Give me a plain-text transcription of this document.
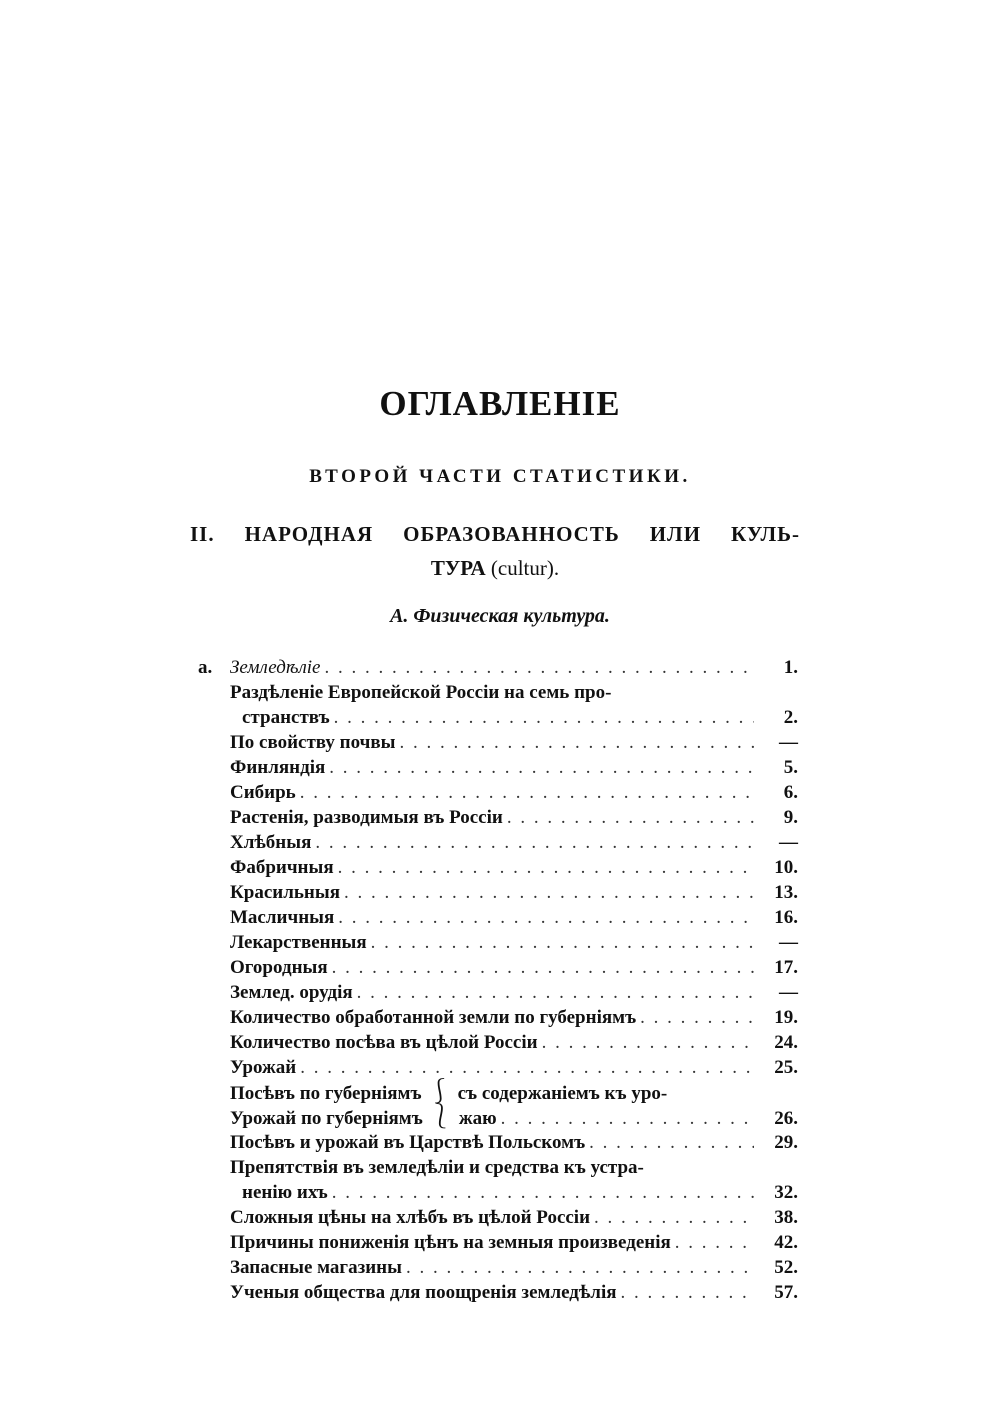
ОГЛАВЛЕНІЕ
ВТОРОЙ ЧАСТИ СТАТИСТИКИ.
II. НАРОДНАЯ ОБРАЗОВАННОСТЬ ИЛИ КУЛЬ-
ТУРА (cultur).
А. Физическая культура.
а. Земледѣліе . . .	1.
Раздѣленіе Европейской Россіи на семь про-
странствъ . . .	2.
По свойству почвы . . .	—
Финляндія . . .	5.
Сибирь . . .	6.
Растенія, разводимыя въ Россіи . . .	9.
Хлѣбныя . . .	—
Фабричныя . . .	10.
Красильныя . . .	13.
Масличныя . . .	16.
Лекарственныя . . .	—
Огородныя . . .	17.
Землед. орудія . . .	—
Количество обработанной земли по губерніямъ . . .	19.
Количество посѣва въ цѣлой Россіи . . .	24.
Урожай . . .	25.
Посѣвъ по губерніямъ ⎰ съ содержаніемъ къ уро-
Урожай по губерніямъ ⎱ жаю . . .	26.
Посѣвъ и урожай въ Царствѣ Польскомъ . . .	29.
Препятствія въ земледѣліи и средства къ устра-
ненію ихъ . . .	32.
Сложныя цѣны на хлѣбъ въ цѣлой Россіи . . .	38.
Причины пониженія цѣнъ на земныя произведенія . . .	42.
Запасные магазины . . .	52.
Ученыя общества для поощренія земледѣлія . . .	57.
